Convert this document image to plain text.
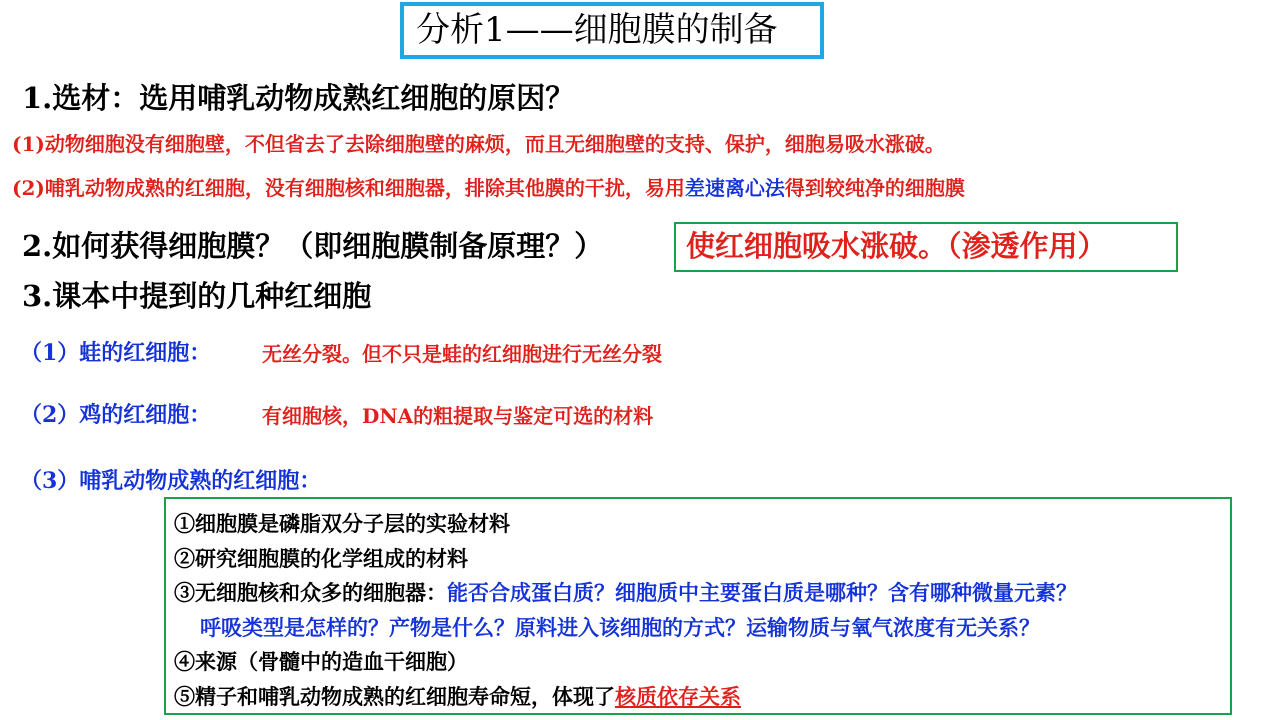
分析1——细胞膜的制备
1.选材：选用哺乳动物成熟红细胞的原因？
(1)动物细胞没有细胞壁，不但省去了去除细胞壁的麻烦，而且无细胞壁的支持、保护，细胞易吸水涨破。
(2)哺乳动物成熟的红细胞，没有细胞核和细胞器，排除其他膜的干扰，易用差速离心法得到较纯净的细胞膜
2.如何获得细胞膜？（即细胞膜制备原理？）	使红细胞吸水涨破。（渗透作用）
3.课本中提到的几种红细胞
（1）蛙的红细胞：	无丝分裂。但不只是蛙的红细胞进行无丝分裂
（2）鸡的红细胞：	有细胞核，DNA的粗提取与鉴定可选的材料
（3）哺乳动物成熟的红细胞：
①细胞膜是磷脂双分子层的实验材料
②研究细胞膜的化学组成的材料
③无细胞核和众多的细胞器：能否合成蛋白质？细胞质中主要蛋白质是哪种？含有哪种微量元素？
呼吸类型是怎样的？产物是什么？原料进入该细胞的方式？运输物质与氧气浓度有无关系？
④来源（骨髓中的造血干细胞）
⑤精子和哺乳动物成熟的红细胞寿命短，体现了核质依存关系
